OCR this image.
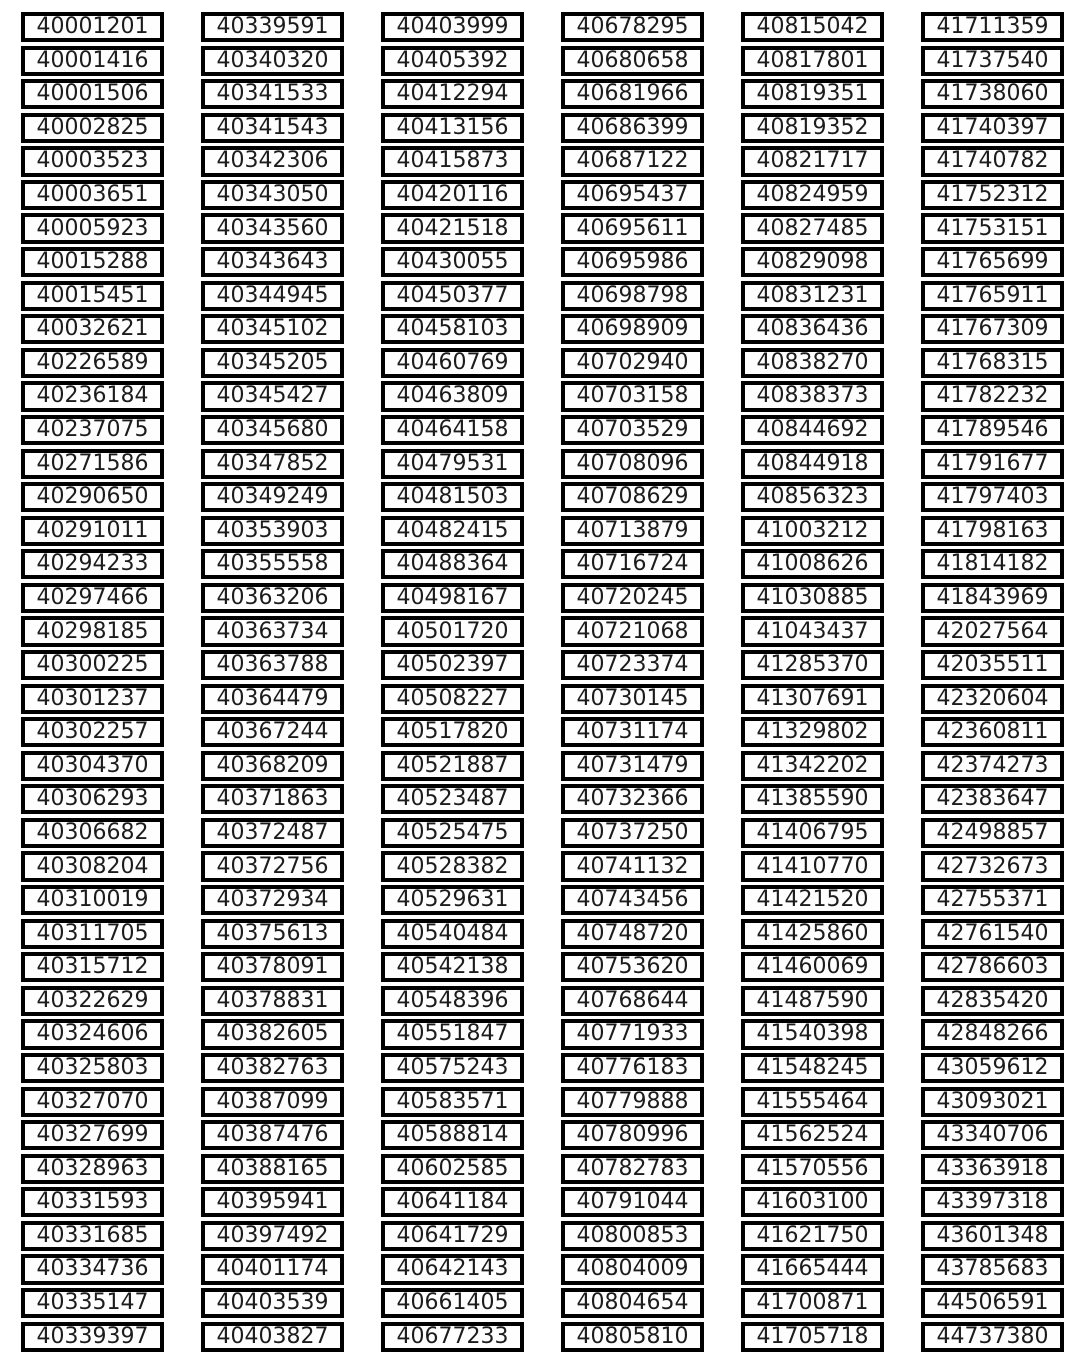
40001201
40001416
40001506
40002825
40003523
40003651
40005923
40015288
40015451
40032621
40226589
40236184
40237075
40271586
40290650
40291011
40294233
40297466
40298185
40300225
40301237
40302257
40304370
40306293
40306682
40308204
40310019
40311705
40315712
40322629
40324606
40325803
40327070
40327699
40328963
40331593
40331685
40334736
40335147
40339397
40339591
40340320
40341533
40341543
40342306
40343050
40343560
40343643
40344945
40345102
40345205
40345427
40345680
40347852
40349249
40353903
40355558
40363206
40363734
40363788
40364479
40367244
40368209
40371863
40372487
40372756
40372934
40375613
40378091
40378831
40382605
40382763
40387099
40387476
40388165
40395941
40397492
40401174
40403539
40403827
40403999
40405392
40412294
40413156
40415873
40420116
40421518
40430055
40450377
40458103
40460769
40463809
40464158
40479531
40481503
40482415
40488364
40498167
40501720
40502397
40508227
40517820
40521887
40523487
40525475
40528382
40529631
40540484
40542138
40548396
40551847
40575243
40583571
40588814
40602585
40641184
40641729
40642143
40661405
40677233
40678295
40680658
40681966
40686399
40687122
40695437
40695611
40695986
40698798
40698909
40702940
40703158
40703529
40708096
40708629
40713879
40716724
40720245
40721068
40723374
40730145
40731174
40731479
40732366
40737250
40741132
40743456
40748720
40753620
40768644
40771933
40776183
40779888
40780996
40782783
40791044
40800853
40804009
40804654
40805810
40815042
40817801
40819351
40819352
40821717
40824959
40827485
40829098
40831231
40836436
40838270
40838373
40844692
40844918
40856323
41003212
41008626
41030885
41043437
41285370
41307691
41329802
41342202
41385590
41406795
41410770
41421520
41425860
41460069
41487590
41540398
41548245
41555464
41562524
41570556
41603100
41621750
41665444
41700871
41705718
41711359
41737540
41738060
41740397
41740782
41752312
41753151
41765699
41765911
41767309
41768315
41782232
41789546
41791677
41797403
41798163
41814182
41843969
42027564
42035511
42320604
42360811
42374273
42383647
42498857
42732673
42755371
42761540
42786603
42835420
42848266
43059612
43093021
43340706
43363918
43397318
43601348
43785683
44506591
44737380
